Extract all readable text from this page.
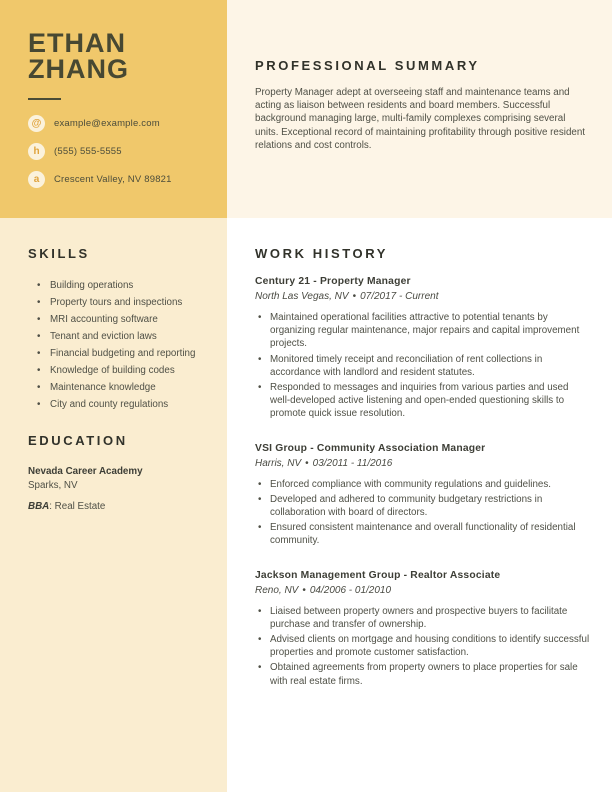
ETHAN
ZHANG
@	example@example.com
h	(555) 555-5555
a	Crescent Valley, NV 89821
PROFESSIONAL SUMMARY
Property Manager adept at overseeing staff and maintenance teams and acting as liaison between residents and board members. Successful background managing large, multi-family complexes comprising several units. Exceptional record of maintaining profitability through positive resident relations and cost controls.
SKILLS
• Building operations
• Property tours and inspections
• MRI accounting software
• Tenant and eviction laws
• Financial budgeting and reporting
• Knowledge of building codes
• Maintenance knowledge
• City and county regulations
EDUCATION
Nevada Career Academy
Sparks, NV
BBA: Real Estate
WORK HISTORY
Century 21 - Property Manager
North Las Vegas, NV • 07/2017 - Current
• Maintained operational facilities attractive to potential tenants by organizing regular maintenance, major repairs and capital improvement projects.
• Monitored timely receipt and reconciliation of rent collections in accordance with landlord and resident statutes.
• Responded to messages and inquiries from various parties and used well-developed active listening and open-ended questioning skills to promote quick issue resolution.
VSI Group - Community Association Manager
Harris, NV • 03/2011 - 11/2016
• Enforced compliance with community regulations and guidelines.
• Developed and adhered to community budgetary restrictions in collaboration with board of directors.
• Ensured consistent maintenance and overall functionality of residential community.
Jackson Management Group - Realtor Associate
Reno, NV • 04/2006 - 01/2010
• Liaised between property owners and prospective buyers to facilitate purchase and transfer of ownership.
• Advised clients on mortgage and housing conditions to identify successful properties and promote customer satisfaction.
• Obtained agreements from property owners to place properties for sale with real estate firms.
